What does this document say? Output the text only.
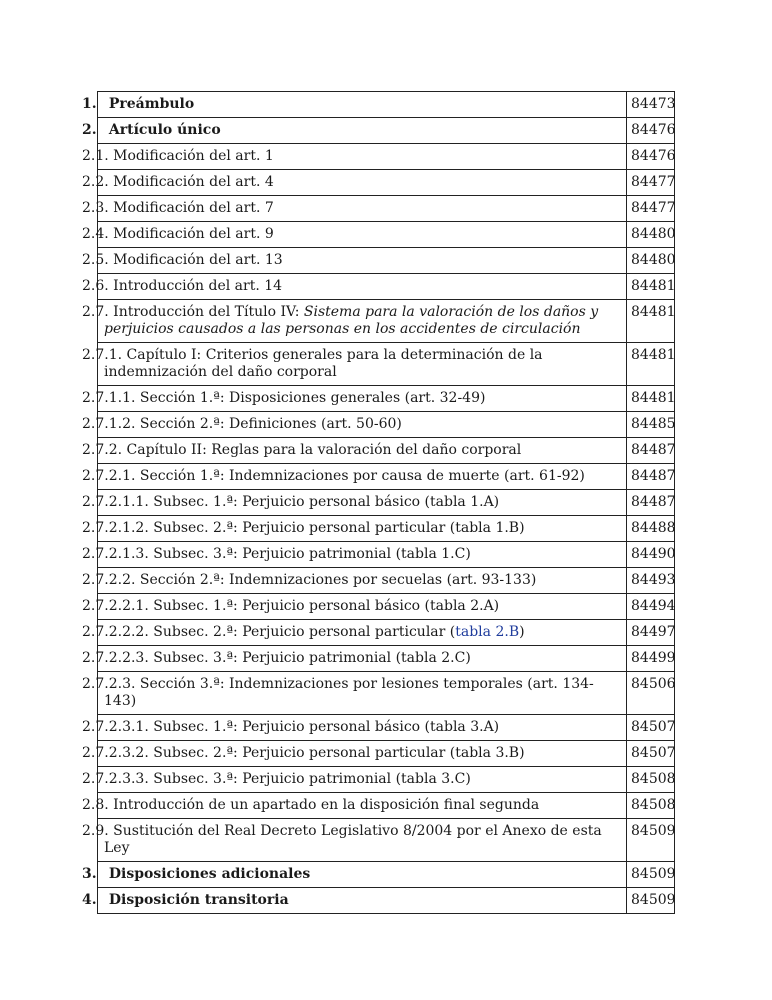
1. Preámbulo	84473
2. Artículo único	84476
2.1. Modificación del art. 1	84476
2.2. Modificación del art. 4	84477
2.3. Modificación del art. 7	84477
2.4. Modificación del art. 9	84480
2.5. Modificación del art. 13	84480
2.6. Introducción del art. 14	84481
2.7. Introducción del Título IV: Sistema para la valoración de los daños y perjuicios causados a las personas en los accidentes de circulación	84481
2.7.1. Capítulo I: Criterios generales para la determinación de la indemnización del daño corporal	84481
2.7.1.1. Sección 1.ª: Disposiciones generales (art. 32-49)	84481
2.7.1.2. Sección 2.ª: Definiciones (art. 50-60)	84485
2.7.2. Capítulo II: Reglas para la valoración del daño corporal	84487
2.7.2.1. Sección 1.ª: Indemnizaciones por causa de muerte (art. 61-92)	84487
2.7.2.1.1. Subsec. 1.ª: Perjuicio personal básico (tabla 1.A)	84487
2.7.2.1.2. Subsec. 2.ª: Perjuicio personal particular (tabla 1.B)	84488
2.7.2.1.3. Subsec. 3.ª: Perjuicio patrimonial (tabla 1.C)	84490
2.7.2.2. Sección 2.ª: Indemnizaciones por secuelas (art. 93-133)	84493
2.7.2.2.1. Subsec. 1.ª: Perjuicio personal básico (tabla 2.A)	84494
2.7.2.2.2. Subsec. 2.ª: Perjuicio personal particular (tabla 2.B)	84497
2.7.2.2.3. Subsec. 3.ª: Perjuicio patrimonial (tabla 2.C)	84499
2.7.2.3. Sección 3.ª: Indemnizaciones por lesiones temporales (art. 134-143)	84506
2.7.2.3.1. Subsec. 1.ª: Perjuicio personal básico (tabla 3.A)	84507
2.7.2.3.2. Subsec. 2.ª: Perjuicio personal particular (tabla 3.B)	84507
2.7.2.3.3. Subsec. 3.ª: Perjuicio patrimonial (tabla 3.C)	84508
2.8. Introducción de un apartado en la disposición final segunda	84508
2.9. Sustitución del Real Decreto Legislativo 8/2004 por el Anexo de esta Ley	84509
3. Disposiciones adicionales	84509
4. Disposición transitoria	84509
